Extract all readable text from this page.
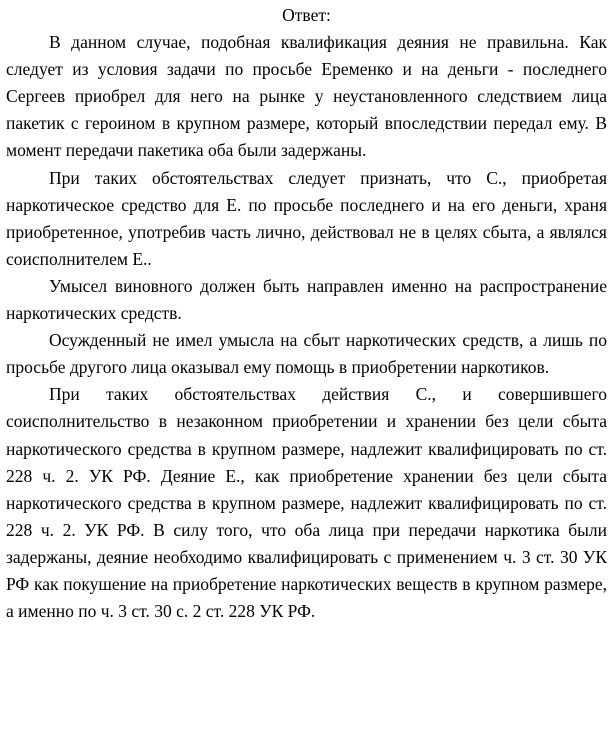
Ответ:

В данном случае, подобная квалификация деяния не правильна. Как следует из условия задачи по просьбе Еременко и на деньги - последнего Сергеев приобрел для него на рынке у неустановленного следствием лица пакетик с героином в крупном размере, который впоследствии передал ему. В момент передачи пакетика оба были задержаны.

При таких обстоятельствах следует признать, что С., приобретая наркотическое средство для Е. по просьбе последнего и на его деньги, храня приобретенное, употребив часть лично, действовал не в целях сбыта, а являлся соисполнителем Е..

Умысел виновного должен быть направлен именно на распространение наркотических средств.

Осужденный не имел умысла на сбыт наркотических средств, а лишь по просьбе другого лица оказывал ему помощь в приобретении наркотиков.

При таких обстоятельствах действия С., и совершившего соисполнительство в незаконном приобретении и хранении без цели сбыта наркотического средства в крупном размере, надлежит квалифицировать по ст. 228 ч. 2. УК РФ. Деяние Е., как приобретение хранении без цели сбыта наркотического средства в крупном размере, надлежит квалифицировать по ст. 228 ч. 2. УК РФ. В силу того, что оба лица при передачи наркотика были задержаны, деяние необходимо квалифицировать с применением ч. 3 ст. 30 УК РФ как покушение на приобретение наркотических веществ в крупном размере, а именно по ч. 3 ст. 30 с. 2 ст. 228 УК РФ.
